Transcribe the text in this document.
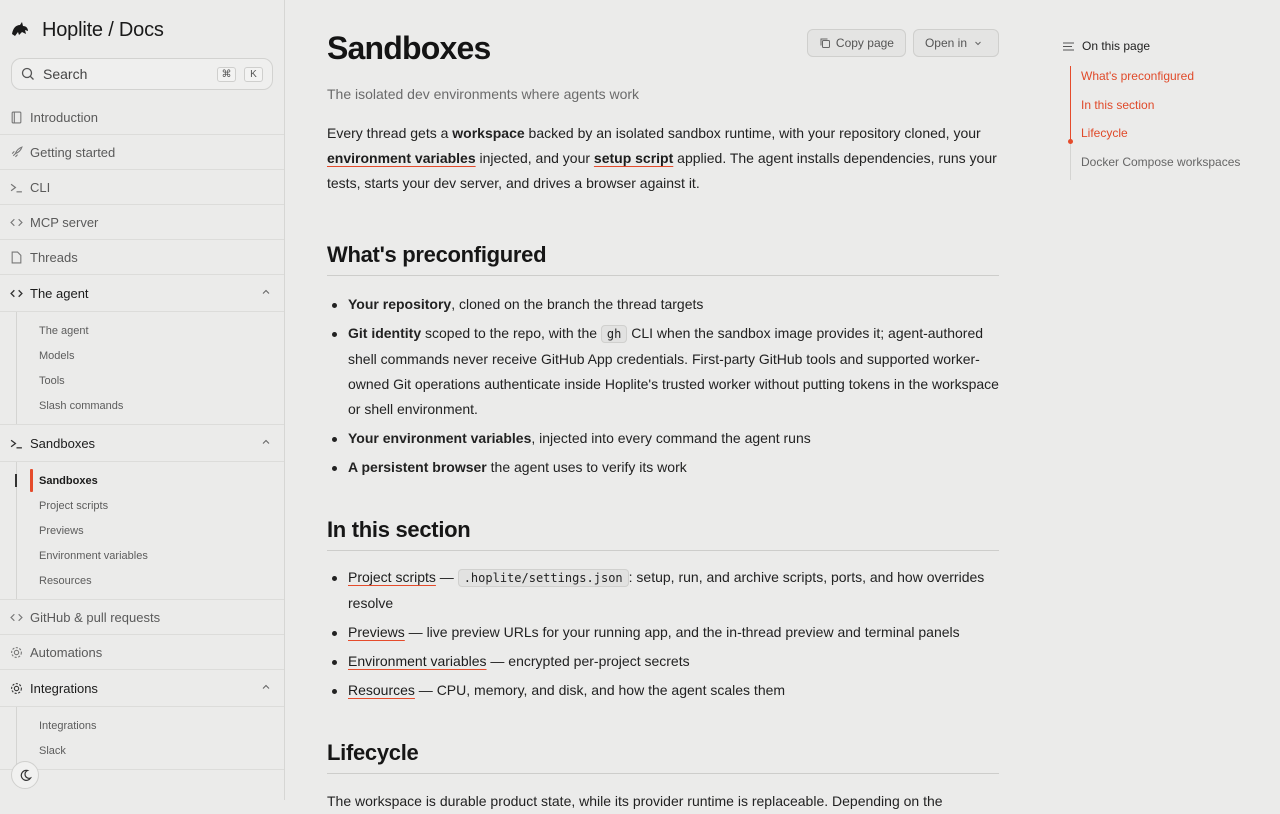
Hoplite / Docs
Search	⌘	K
Introduction
Getting started
CLI
MCP server
Threads
The agent
The agent
Models
Tools
Slash commands
Sandboxes
Sandboxes
Project scripts
Previews
Environment variables
Resources
GitHub & pull requests
Automations
Integrations
Integrations
Slack
Sandboxes	Copy page	Open in
The isolated dev environments where agents work

Every thread gets a workspace backed by an isolated sandbox runtime, with your repository cloned, your environment variables injected, and your setup script applied. The agent installs dependencies, runs your tests, starts your dev server, and drives a browser against it.

What's preconfigured
Your repository, cloned on the branch the thread targets
Git identity scoped to the repo, with the gh CLI when the sandbox image provides it; agent-authored shell commands never receive GitHub App credentials. First-party GitHub tools and supported worker-owned Git operations authenticate inside Hoplite's trusted worker without putting tokens in the workspace or shell environment.
Your environment variables, injected into every command the agent runs
A persistent browser the agent uses to verify its work
In this section
Project scripts — .hoplite/settings.json : setup, run, and archive scripts, ports, and how overrides resolve
Previews — live preview URLs for your running app, and the in-thread preview and terminal panels
Environment variables — encrypted per-project secrets
Resources — CPU, memory, and disk, and how the agent scales them
Lifecycle

The workspace is durable product state, while its provider runtime is replaceable. Depending on the

On this page
What's preconfigured
In this section
Lifecycle
Docker Compose workspaces
